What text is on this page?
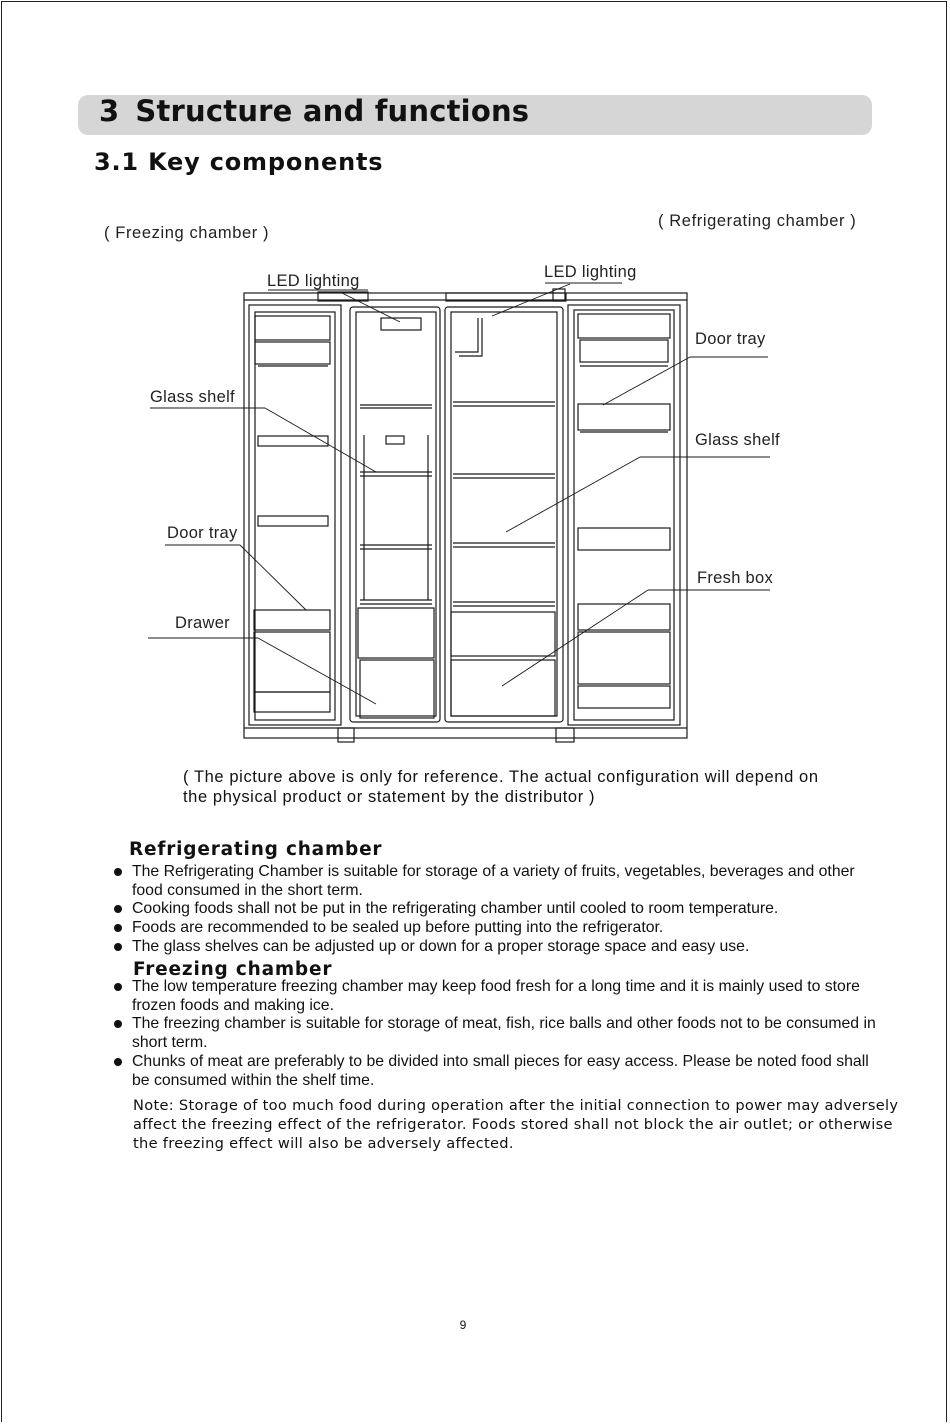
3 Structure and functions
3.1 Key components
( Freezing chamber )
( Refrigerating chamber )
LED lighting	LED lighting
Glass shelf
Door tray
Drawer
Door tray
Glass shelf
Fresh box
( The picture above is only for reference. The actual configuration will depend on
the physical product or statement by the distributor )
Refrigerating chamber
The Refrigerating Chamber is suitable for storage of a variety of fruits, vegetables, beverages and other food consumed in the short term.
Cooking foods shall not be put in the refrigerating chamber until cooled to room temperature.
Foods are recommended to be sealed up before putting into the refrigerator.
The glass shelves can be adjusted up or down for a proper storage space and easy use.
Freezing chamber
The low temperature freezing chamber may keep food fresh for a long time and it is mainly used to store frozen foods and making ice.
The freezing chamber is suitable for storage of meat, fish, rice balls and other foods not to be consumed in short term.
Chunks of meat are preferably to be divided into small pieces for easy access. Please be noted food shall be consumed within the shelf time.
Note: Storage of too much food during operation after the initial connection to power may adversely
affect the freezing effect of the refrigerator. Foods stored shall not block the air outlet; or otherwise
the freezing effect will also be adversely affected.
9
